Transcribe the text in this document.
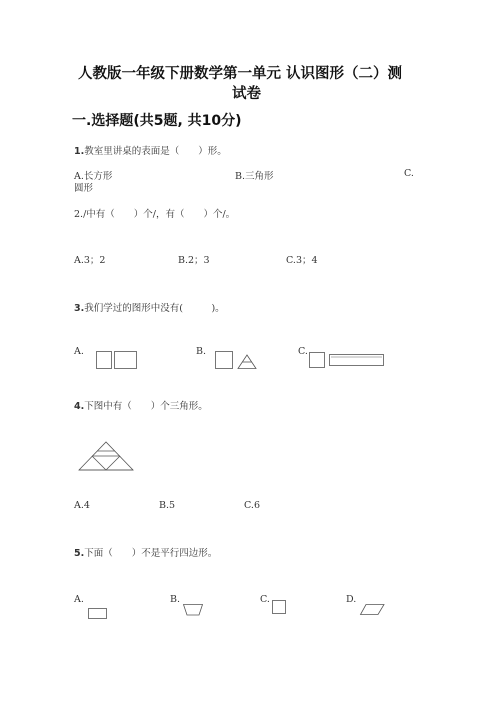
人教版一年级下册数学第一单元 认识图形（二）测
试卷
一.选择题(共5题, 共10分)
1.教室里讲桌的表面是（　　）形。
A.长方形	B.三角形	C.
圆形
2./中有（　　）个/，有（　　）个/。
A.3；2	B.2；3	C.3；4
3.我们学过的图形中没有(　　　)。
A.	B.	C.
4.下图中有（　　）个三角形。
A.4	B.5	C.6
5.下面（　　）不是平行四边形。
A.	B.	C.	D.
